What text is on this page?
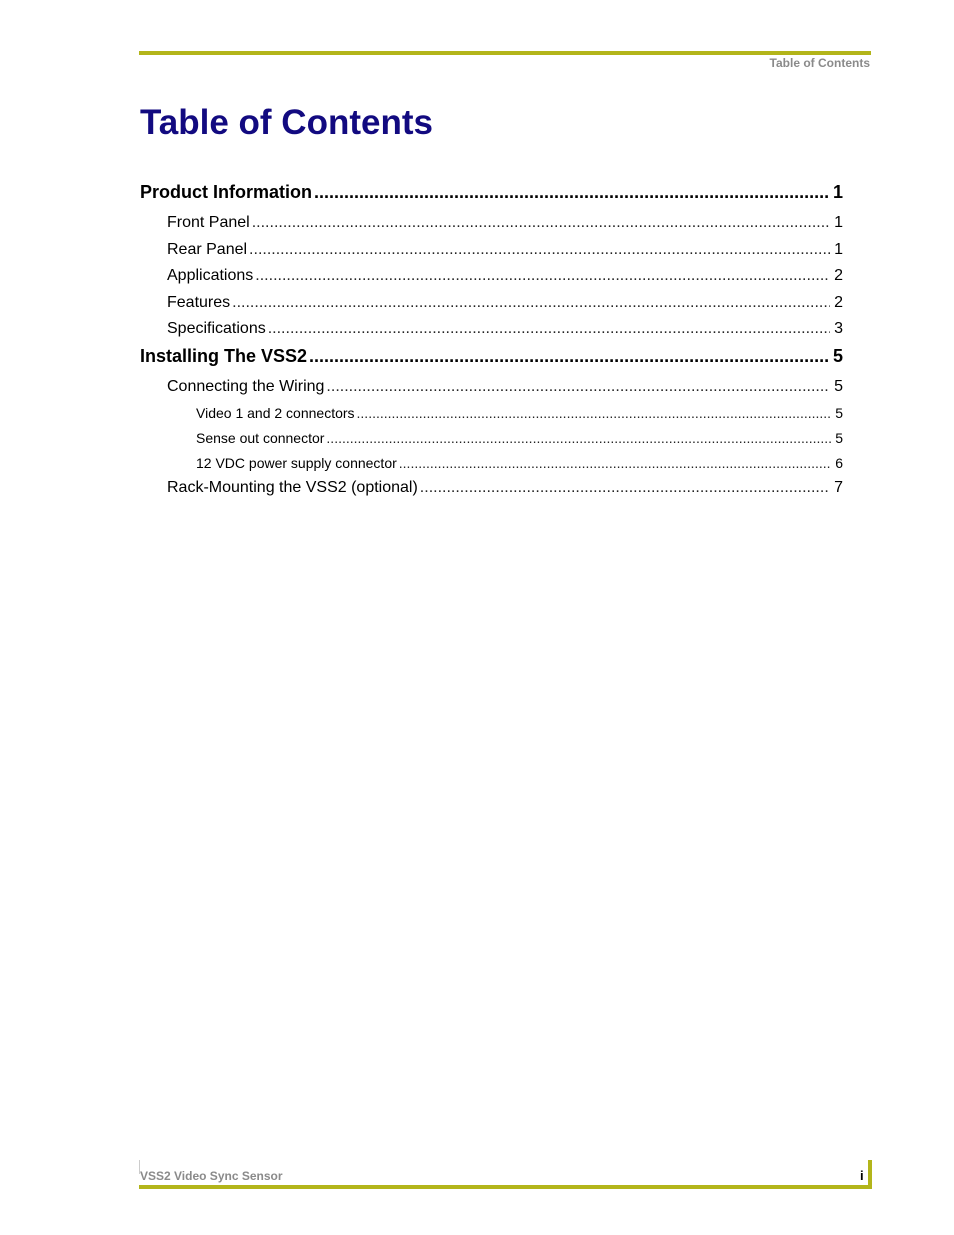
Table of Contents
Table of Contents
Product Information .....	1
Front Panel .....	1
Rear Panel .....	1
Applications .....	2
Features .....	2
Specifications .....	3
Installing The VSS2 .....	5
Connecting the Wiring .....	5
Video 1 and 2 connectors .....	5
Sense out connector .....	5
12 VDC power supply connector .....	6
Rack-Mounting the VSS2 (optional) .....	7
VSS2 Video Sync Sensor	i
